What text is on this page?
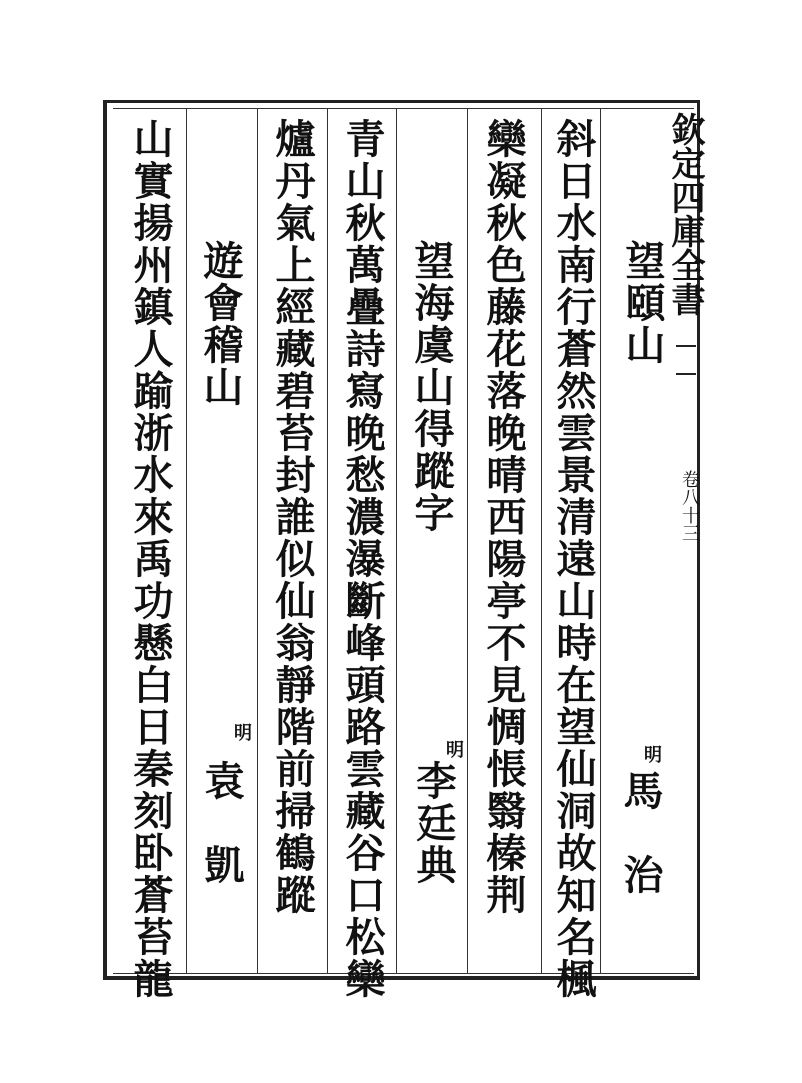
欽定四庫全書
卷八十三
望頤山
明
馬　治
斜日水南行蒼然雲景清遠山時在望仙洞故知名楓
欒凝秋色藤花落晚晴西陽亭不見惆悵翳榛荆
望海虞山得蹤字
明
李廷典
青山秋萬疊詩寫晚愁濃瀑斷峰頭路雲藏谷口松欒
爐丹氣上經藏碧苔封誰似仙翁靜階前掃鶴蹤
遊會稽山
明
袁　凱
山實揚州鎮人踰浙水來禹功懸白日秦刻卧蒼苔龍
